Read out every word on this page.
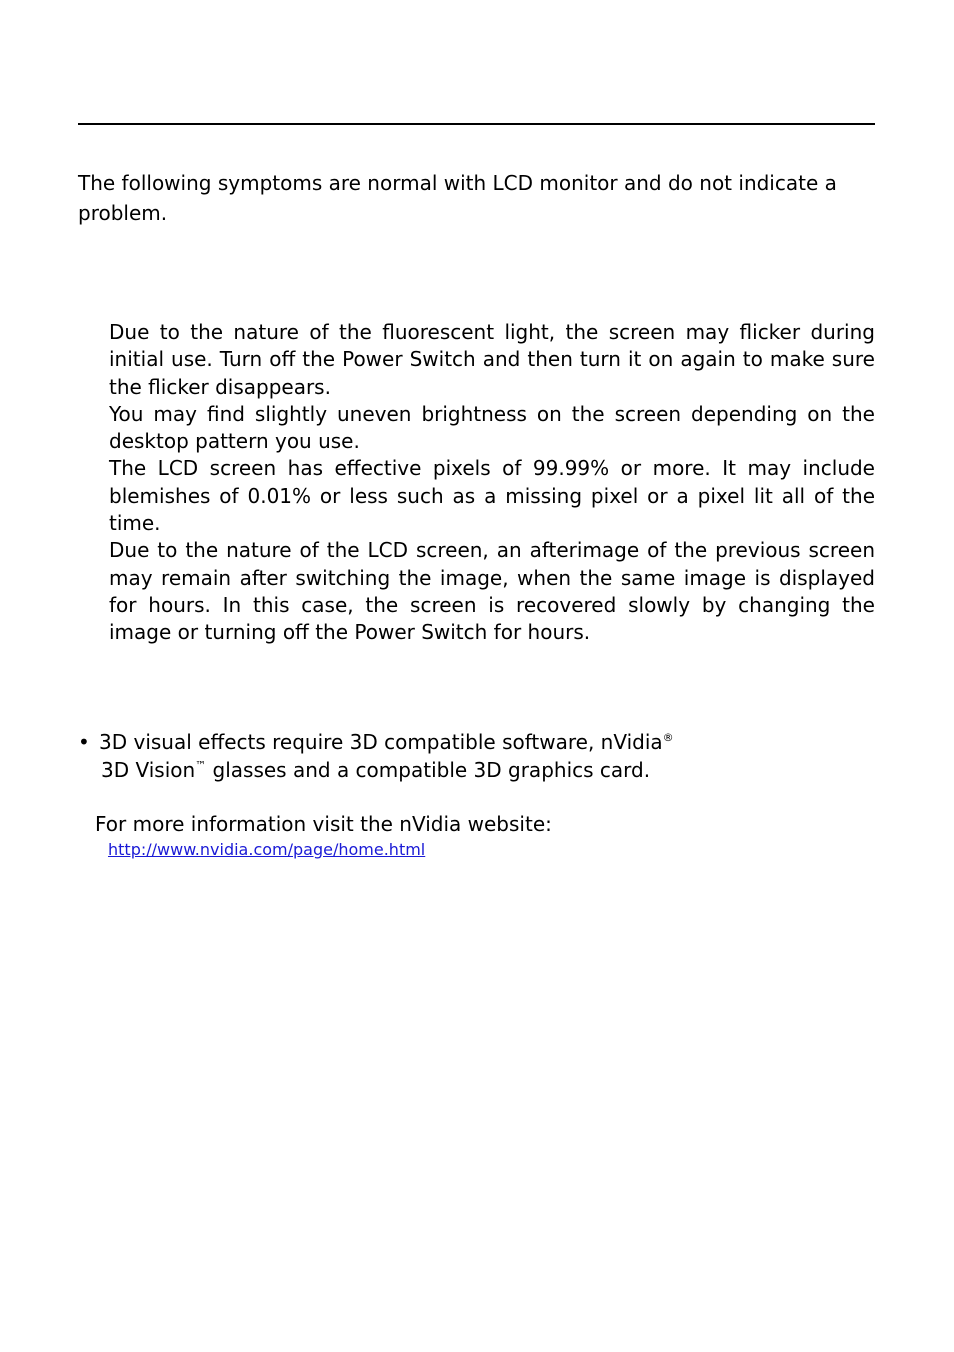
The following symptoms are normal with LCD monitor and do not indicate a problem.

Due to the nature of the fluorescent light, the screen may flicker during initial use. Turn off the Power Switch and then turn it on again to make sure the flicker disappears.

You may find slightly uneven brightness on the screen depending on the desktop pattern you use.

The LCD screen has effective pixels of 99.99% or more. It may include blemishes of 0.01% or less such as a missing pixel or a pixel lit all of the time.

Due to the nature of the LCD screen, an afterimage of the previous screen may remain after switching the image, when the same image is displayed for hours. In this case, the screen is recovered slowly by changing the image or turning off the Power Switch for hours.

• 3D visual effects require 3D compatible software, nVidia®
3D Vision™ glasses and a compatible 3D graphics card.
For more information visit the nVidia website:
http://www.nvidia.com/page/home.html
